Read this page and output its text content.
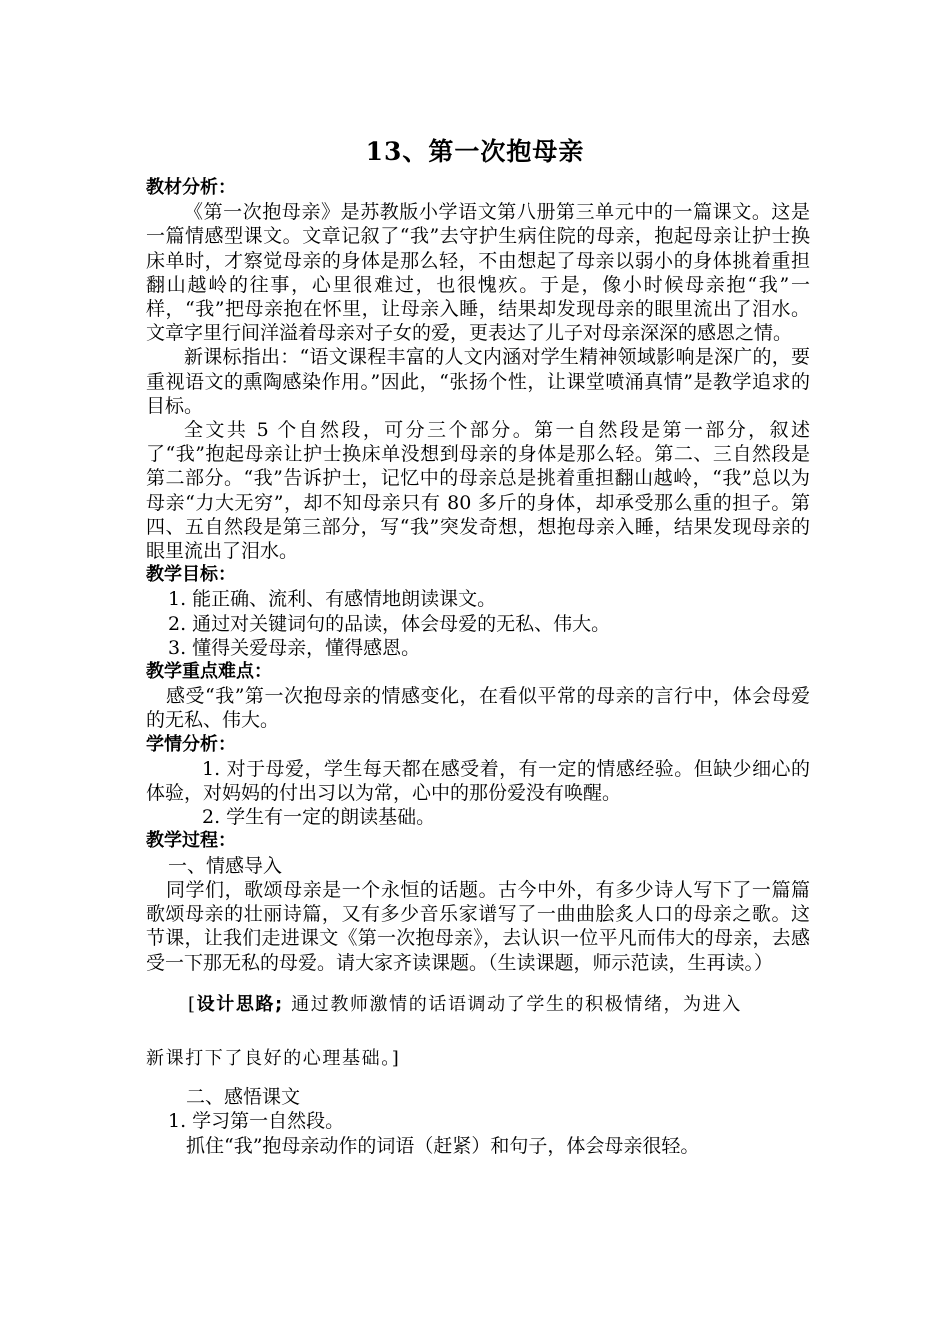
13、第一次抱母亲
教材分析：
《第一次抱母亲》是苏教版小学语文第八册第三单元中的一篇课文。这是一篇情感型课文。文章记叙了“我”去守护生病住院的母亲，抱起母亲让护士换床单时，才察觉母亲的身体是那么轻，不由想起了母亲以弱小的身体挑着重担翻山越岭的往事，心里很难过，也很愧疚。于是，像小时候母亲抱“我”一样，“我”把母亲抱在怀里，让母亲入睡，结果却发现母亲的眼里流出了泪水。文章字里行间洋溢着母亲对子女的爱，更表达了儿子对母亲深深的感恩之情。
新课标指出：“语文课程丰富的人文内涵对学生精神领域影响是深广的，要重视语文的熏陶感染作用。”因此，“张扬个性，让课堂喷涌真情”是教学追求的目标。
全文共 5 个自然段，可分三个部分。第一自然段是第一部分，叙述了“我”抱起母亲让护士换床单没想到母亲的身体是那么轻。第二、三自然段是第二部分。“我”告诉护士，记忆中的母亲总是挑着重担翻山越岭，“我”总以为母亲“力大无穷”，却不知母亲只有 80 多斤的身体，却承受那么重的担子。第四、五自然段是第三部分，写“我”突发奇想，想抱母亲入睡，结果发现母亲的眼里流出了泪水。
教学目标：
1. 能正确、流利、有感情地朗读课文。
2. 通过对关键词句的品读，体会母爱的无私、伟大。
3. 懂得关爱母亲，懂得感恩。
教学重点难点：
感受“我”第一次抱母亲的情感变化，在看似平常的母亲的言行中，体会母爱的无私、伟大。
学情分析：
1. 对于母爱，学生每天都在感受着，有一定的情感经验。但缺少细心的体验，对妈妈的付出习以为常，心中的那份爱没有唤醒。
2. 学生有一定的朗读基础。
教学过程：
一、情感导入
同学们，歌颂母亲是一个永恒的话题。古今中外，有多少诗人写下了一篇篇歌颂母亲的壮丽诗篇，又有多少音乐家谱写了一曲曲脍炙人口的母亲之歌。这节课，让我们走进课文《第一次抱母亲》，去认识一位平凡而伟大的母亲，去感受一下那无私的母爱。请大家齐读课题。（生读课题，师示范读，生再读。）
[设计思路; 通过教师激情的话语调动了学生的积极情绪，为进入
新课打下了良好的心理基础。]
二、感悟课文
1. 学习第一自然段。
抓住“我”抱母亲动作的词语（赶紧）和句子，体会母亲很轻。
